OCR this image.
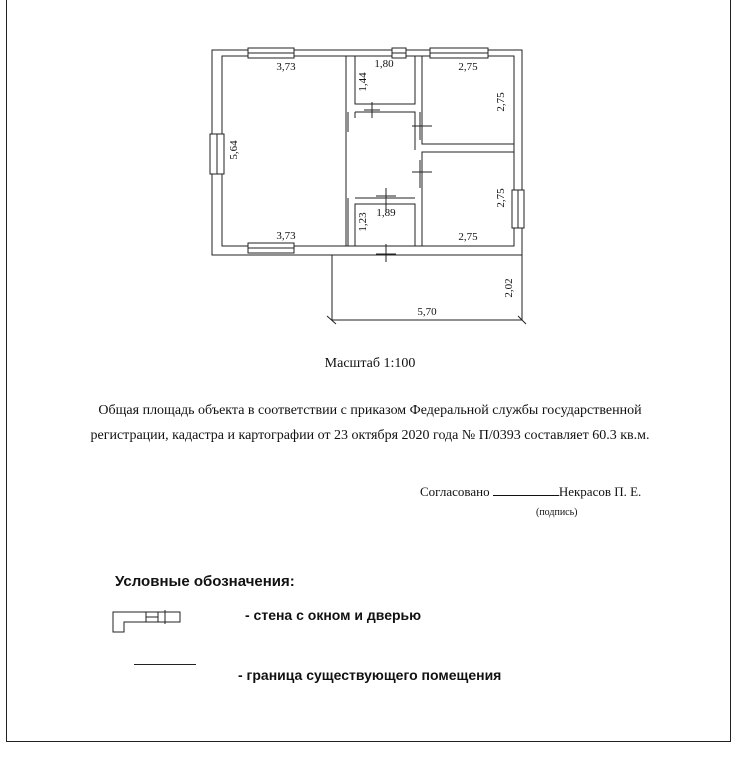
3,73
3,73
5,64
1,80
1,44
2,75
2,75
2,75
2,75
1,89
1,23
5,70
2,02
Масштаб 1:100
Общая площадь объекта в соответствии с приказом Федеральной службы государственной
регистрации, кадастра и картографии от 23 октября 2020 года № П/0393 составляет 60.3 кв.м.
Согласовано	Некрасов П. Е.
(подпись)
Условные обозначения:
- стена с окном и дверью
- граница существующего помещения
